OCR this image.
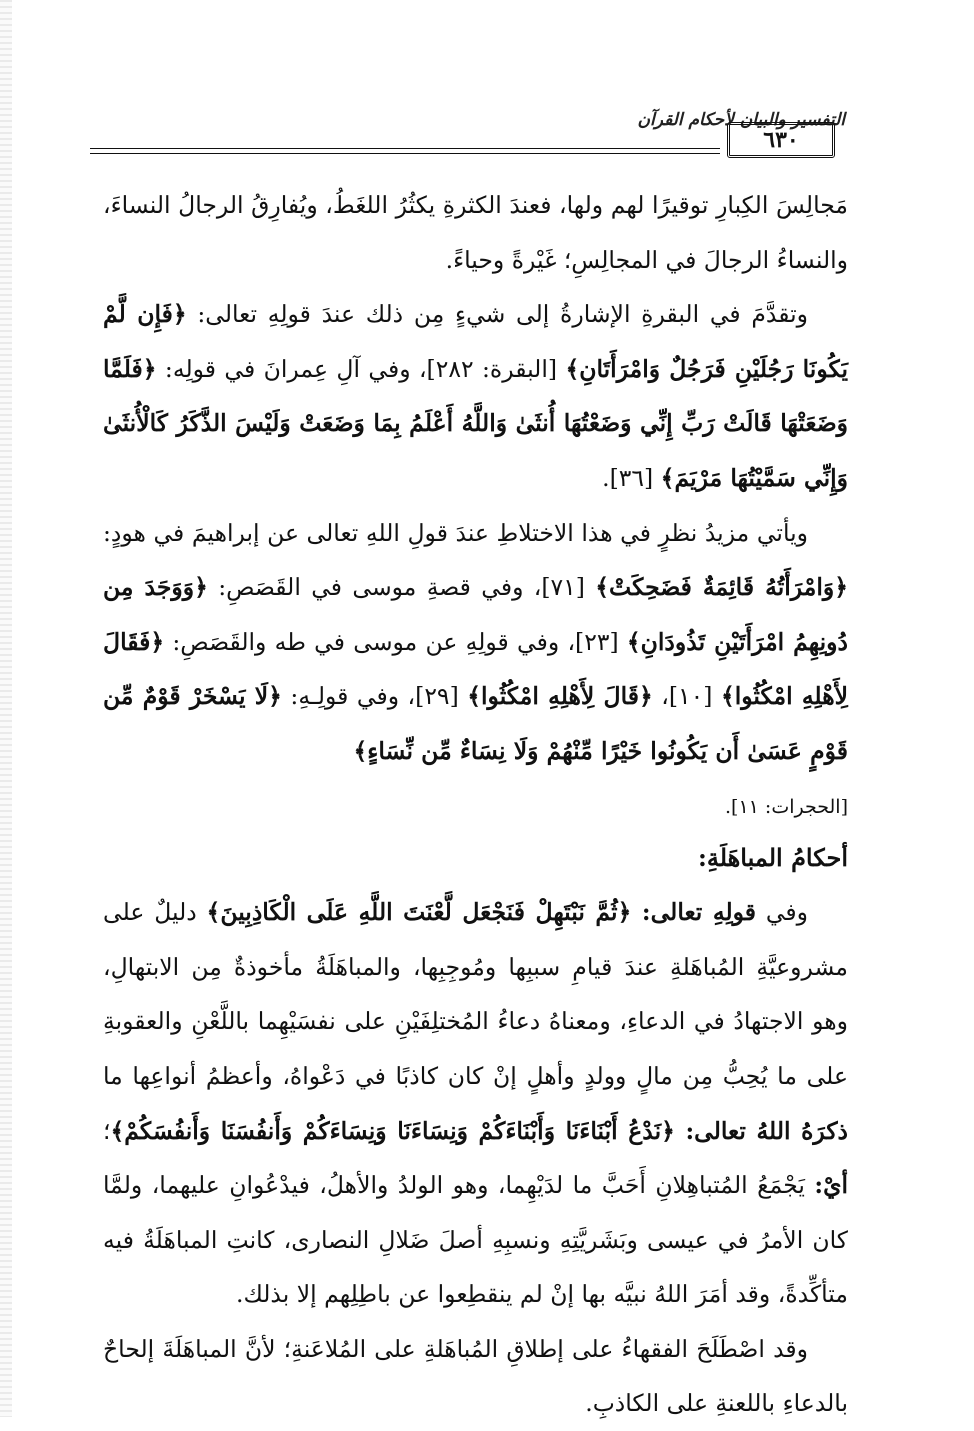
التفسير والبيان لأحكام القرآن
٦٣٠

مَجالِسَ الكِبارِ توقيرًا لهم ولها، فعندَ الكثرةِ يكثُرُ اللغَطُ، ويُفارِقُ الرجالُ النساءَ، والنساءُ الرجالَ في المجالِسِ؛ غَيْرةً وحياءً.

وتقدَّمَ في البقرةِ الإشارةُ إلى شيءٍ مِن ذلك عندَ قولِهِ تعالى: ﴿فَإِن لَّمْ يَكُونَا رَجُلَيْنِ فَرَجُلٌ وَامْرَأَتَانِ﴾ [البقرة: ٢٨٢]، وفي آلِ عِمرانَ في قولِه: ﴿فَلَمَّا وَضَعَتْهَا قَالَتْ رَبِّ إِنِّي وَضَعْتُهَا أُنثَىٰ وَاللَّهُ أَعْلَمُ بِمَا وَضَعَتْ وَلَيْسَ الذَّكَرُ كَالْأُنثَىٰ وَإِنِّي سَمَّيْتُهَا مَرْيَمَ﴾ [٣٦].

ويأتي مزيدُ نظرٍ في هذا الاختلاطِ عندَ قولِ اللهِ تعالى عن إبراهيمَ في هودٍ: ﴿وَامْرَأَتُهُ قَائِمَةٌ فَضَحِكَتْ﴾ [٧١]، وفي قصةِ موسى في القَصَصِ: ﴿وَوَجَدَ مِن دُونِهِمُ امْرَأَتَيْنِ تَذُودَانِ﴾ [٢٣]، وفي قولِهِ عن موسى في طه والقَصَصِ: ﴿فَقَالَ لِأَهْلِهِ امْكُثُوا﴾ [١٠]، ﴿قَالَ لِأَهْلِهِ امْكُثُوا﴾ [٢٩]، وفي قولِـهِ: ﴿لَا يَسْخَرْ قَوْمٌ مِّن قَوْمٍ عَسَىٰ أَن يَكُونُوا خَيْرًا مِّنْهُمْ وَلَا نِسَاءٌ مِّن نِّسَاءٍ﴾

[الحجرات: ١١].

أحكامُ المباهَلَةِ:

وفي قولِهِ تعالى: ﴿ثُمَّ نَبْتَهِلْ فَنَجْعَل لَّعْنَتَ اللَّهِ عَلَى الْكَاذِبِينَ﴾ دليلٌ على مشروعيَّةِ المُباهَلةِ عندَ قيامِ سببِها ومُوجِبِها، والمباهَلَةُ مأخوذةٌ مِن الابتهالِ، وهو الاجتهادُ في الدعاءِ، ومعناهُ دعاءُ المُختلِفَيْنِ على نفسَيْهِما باللَّعْنِ والعقوبةِ على ما يُحِبُّ مِن مالٍ وولدٍ وأهلٍ إنْ كان كاذبًا في دَعْواهُ، وأعظمُ أنواعِها ما ذكرَهُ اللهُ تعالى: ﴿نَدْعُ أَبْنَاءَنَا وَأَبْنَاءَكُمْ وَنِسَاءَنَا وَنِسَاءَكُمْ وَأَنفُسَنَا وَأَنفُسَكُمْ﴾؛ أيْ: يَجْمَعُ المُتباهِلانِ أَحَبَّ ما لدَيْهِما، وهو الولدُ والأهلُ، فيدْعُوانِ عليهما، ولمَّا كان الأمرُ في عيسى وبَشَريَّتِهِ ونسبِهِ أصلَ ضَلالِ النصارى، كانتِ المباهَلَةُ فيه متأكِّدةً، وقد أمَرَ اللهُ نبيَّه بها إنْ لم ينقطِعوا عن باطِلِهم إلا بذلك.

وقد اصْطَلَحَ الفقهاءُ على إطلاقِ المُباهَلةِ على المُلاعَنةِ؛ لأنَّ المباهَلَةَ إلحاحٌ بالدعاءِ باللعنةِ على الكاذبِ.
